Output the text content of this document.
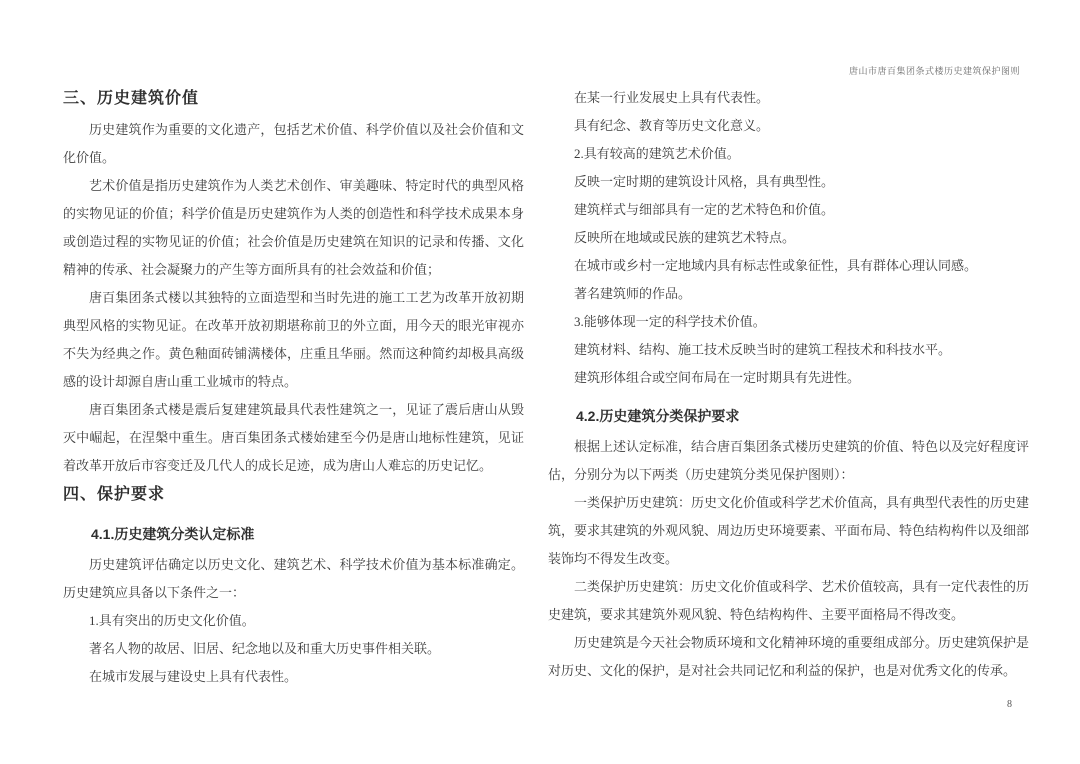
唐山市唐百集团条式楼历史建筑保护图则
三、历史建筑价值
历史建筑作为重要的文化遗产，包括艺术价值、科学价值以及社会价值和文化价值。
艺术价值是指历史建筑作为人类艺术创作、审美趣味、特定时代的典型风格的实物见证的价值；科学价值是历史建筑作为人类的创造性和科学技术成果本身或创造过程的实物见证的价值；社会价值是历史建筑在知识的记录和传播、文化精神的传承、社会凝聚力的产生等方面所具有的社会效益和价值；
唐百集团条式楼以其独特的立面造型和当时先进的施工工艺为改革开放初期典型风格的实物见证。在改革开放初期堪称前卫的外立面，用今天的眼光审视亦不失为经典之作。黄色釉面砖铺满楼体，庄重且华丽。然而这种简约却极具高级感的设计却源自唐山重工业城市的特点。
唐百集团条式楼是震后复建建筑最具代表性建筑之一，见证了震后唐山从毁灭中崛起，在涅槃中重生。唐百集团条式楼始建至今仍是唐山地标性建筑，见证着改革开放后市容变迁及几代人的成长足迹，成为唐山人难忘的历史记忆。
四、保护要求
4.1.历史建筑分类认定标准
历史建筑评估确定以历史文化、建筑艺术、科学技术价值为基本标准确定。历史建筑应具备以下条件之一：
1.具有突出的历史文化价值。
著名人物的故居、旧居、纪念地以及和重大历史事件相关联。
在城市发展与建设史上具有代表性。
在某一行业发展史上具有代表性。
具有纪念、教育等历史文化意义。
2.具有较高的建筑艺术价值。
反映一定时期的建筑设计风格，具有典型性。
建筑样式与细部具有一定的艺术特色和价值。
反映所在地域或民族的建筑艺术特点。
在城市或乡村一定地域内具有标志性或象征性，具有群体心理认同感。
著名建筑师的作品。
3.能够体现一定的科学技术价值。
建筑材料、结构、施工技术反映当时的建筑工程技术和科技水平。
建筑形体组合或空间布局在一定时期具有先进性。
4.2.历史建筑分类保护要求
根据上述认定标准，结合唐百集团条式楼历史建筑的价值、特色以及完好程度评估，分别分为以下两类（历史建筑分类见保护图则）：
一类保护历史建筑：历史文化价值或科学艺术价值高，具有典型代表性的历史建筑，要求其建筑的外观风貌、周边历史环境要素、平面布局、特色结构构件以及细部装饰均不得发生改变。
二类保护历史建筑：历史文化价值或科学、艺术价值较高，具有一定代表性的历史建筑，要求其建筑外观风貌、特色结构构件、主要平面格局不得改变。
历史建筑是今天社会物质环境和文化精神环境的重要组成部分。历史建筑保护是对历史、文化的保护，是对社会共同记忆和利益的保护，也是对优秀文化的传承。
8
